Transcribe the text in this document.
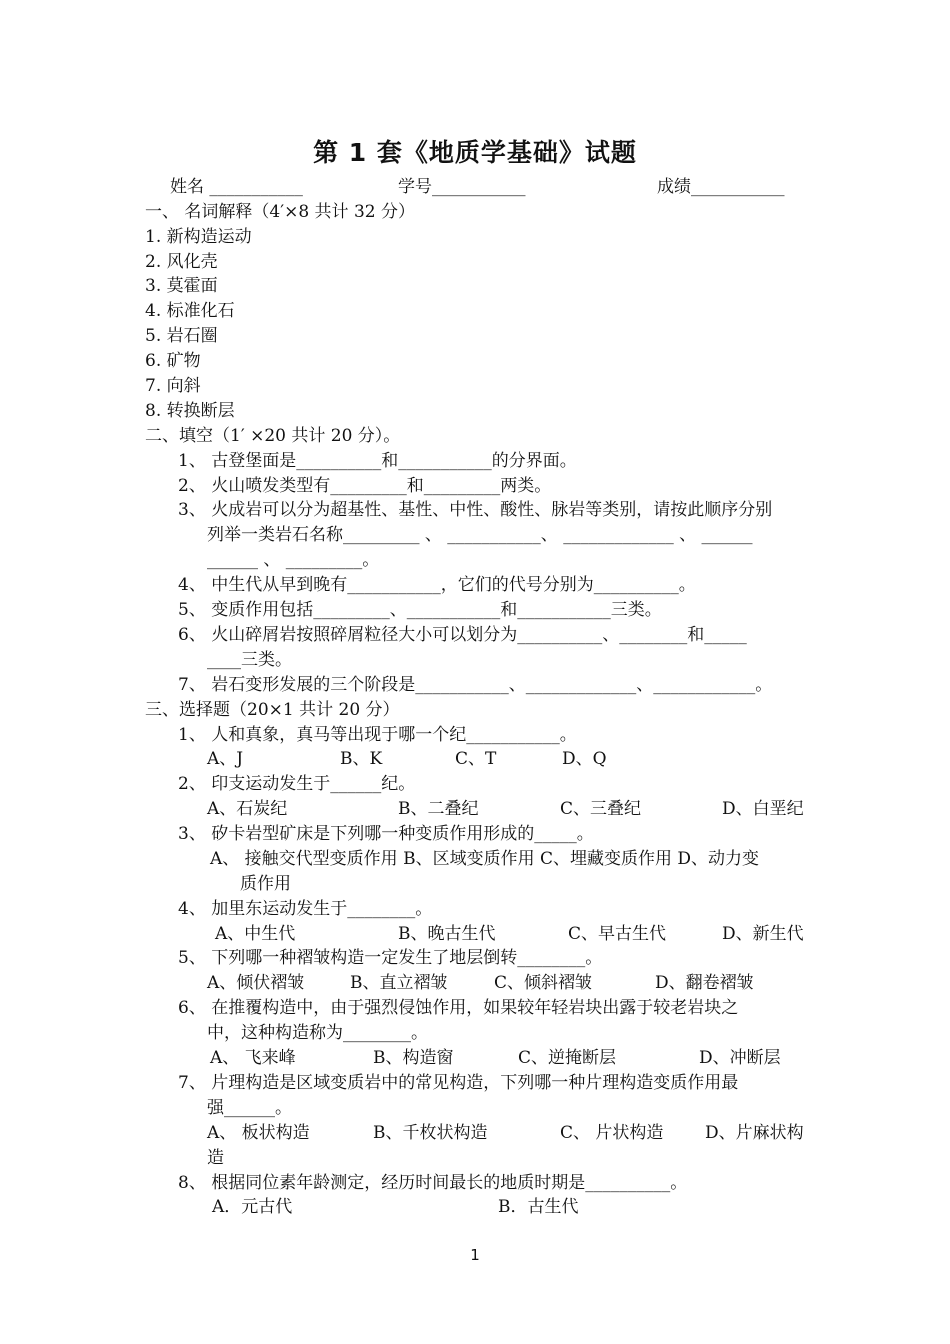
第 1 套《地质学基础》试题
姓名 ___________	学号___________	成绩___________
一、 名词解释（4′×8 共计 32 分）
1. 新构造运动
2. 风化壳
3. 莫霍面
4. 标准化石
5. 岩石圈
6. 矿物
7. 向斜
8. 转换断层
二、填空（1′ ×20 共计 20 分）。
1、 古登堡面是__________和___________的分界面。
2、 火山喷发类型有_________和_________两类。
3、 火成岩可以分为超基性、基性、中性、酸性、脉岩等类别，请按此顺序分别
列举一类岩石名称_________ 、 ___________、 _____________ 、 ______
______ 、 _________。
4、 中生代从早到晚有___________，它们的代号分别为__________。
5、 变质作用包括_________、___________和___________三类。
6、 火山碎屑岩按照碎屑粒径大小可以划分为__________、________和_____
____三类。
7、 岩石变形发展的三个阶段是___________、_____________、____________。
三、选择题（20×1 共计 20 分）
1、 人和真象，真马等出现于哪一个纪___________。
A、J	B、K	C、T	D、Q
2、 印支运动发生于______纪。
A、石炭纪	B、二叠纪	C、三叠纪	D、白垩纪
3、 矽卡岩型矿床是下列哪一种变质作用形成的_____。
A、 接触交代型变质作用 B、区域变质作用 C、埋藏变质作用 D、动力变
质作用
4、 加里东运动发生于________。
A、中生代	B、晚古生代	C、早古生代	D、新生代
5、 下列哪一种褶皱构造一定发生了地层倒转________。
A、倾伏褶皱	B、直立褶皱	C、倾斜褶皱	D、翻卷褶皱
6、 在推覆构造中，由于强烈侵蚀作用，如果较年轻岩块出露于较老岩块之
中，这种构造称为________。
A、 飞来峰	B、构造窗	C、逆掩断层	D、冲断层
7、 片理构造是区域变质岩中的常见构造，下列哪一种片理构造变质作用最
强______。
A、 板状构造	B、千枚状构造	C、 片状构造 D、片麻状构
造
8、 根据同位素年龄测定，经历时间最长的地质时期是__________。
A．元古代	B．古生代
1
